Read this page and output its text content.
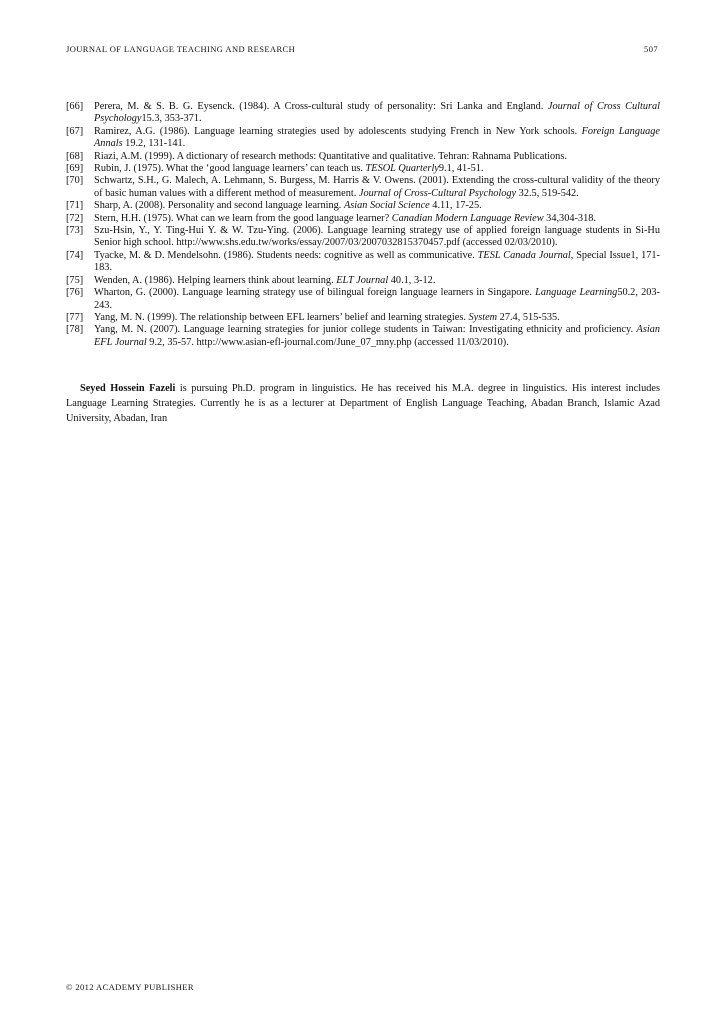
JOURNAL OF LANGUAGE TEACHING AND RESEARCH	507
[66]	Perera, M. & S. B. G. Eysenck. (1984). A Cross-cultural study of personality: Sri Lanka and England. Journal of Cross Cultural Psychology15.3, 353-371.
[67]	Ramirez, A.G. (1986). Language learning strategies used by adolescents studying French in New York schools. Foreign Language Annals 19.2, 131-141.
[68]	Riazi, A.M. (1999). A dictionary of research methods: Quantitative and qualitative. Tehran: Rahnama Publications.
[69]	Rubin, J. (1975). What the ‘good language learners’ can teach us. TESOL Quarterly9.1, 41-51.
[70]	Schwartz, S.H., G. Malech, A. Lehmann, S. Burgess, M. Harris & V. Owens. (2001). Extending the cross-cultural validity of the theory of basic human values with a different method of measurement. Journal of Cross-Cultural Psychology 32.5, 519-542.
[71]	Sharp, A. (2008). Personality and second language learning. Asian Social Science 4.11, 17-25.
[72]	Stern, H.H. (1975). What can we learn from the good language learner? Canadian Modern Language Review 34,304-318.
[73]	Szu-Hsin, Y., Y. Ting-Hui Y. & W. Tzu-Ying. (2006). Language learning strategy use of applied foreign language students in Si-Hu Senior high school. http://www.shs.edu.tw/works/essay/2007/03/2007032815370457.pdf (accessed 02/03/2010).
[74]	Tyacke, M. & D. Mendelsohn. (1986). Students needs: cognitive as well as communicative. TESL Canada Journal, Special Issue1, 171-183.
[75]	Wenden, A. (1986). Helping learners think about learning. ELT Journal 40.1, 3-12.
[76]	Wharton, G. (2000). Language learning strategy use of bilingual foreign language learners in Singapore. Language Learning50.2, 203-243.
[77]	Yang, M. N. (1999). The relationship between EFL learners’ belief and learning strategies. System 27.4, 515-535.
[78]	Yang, M. N. (2007). Language learning strategies for junior college students in Taiwan: Investigating ethnicity and proficiency. Asian EFL Journal 9.2, 35-57. http://www.asian-efl-journal.com/June_07_mny.php (accessed 11/03/2010).

Seyed Hossein Fazeli is pursuing Ph.D. program in linguistics. He has received his M.A. degree in linguistics. His interest includes Language Learning Strategies. Currently he is as a lecturer at Department of English Language Teaching, Abadan Branch, Islamic Azad University, Abadan, Iran

© 2012 ACADEMY PUBLISHER
